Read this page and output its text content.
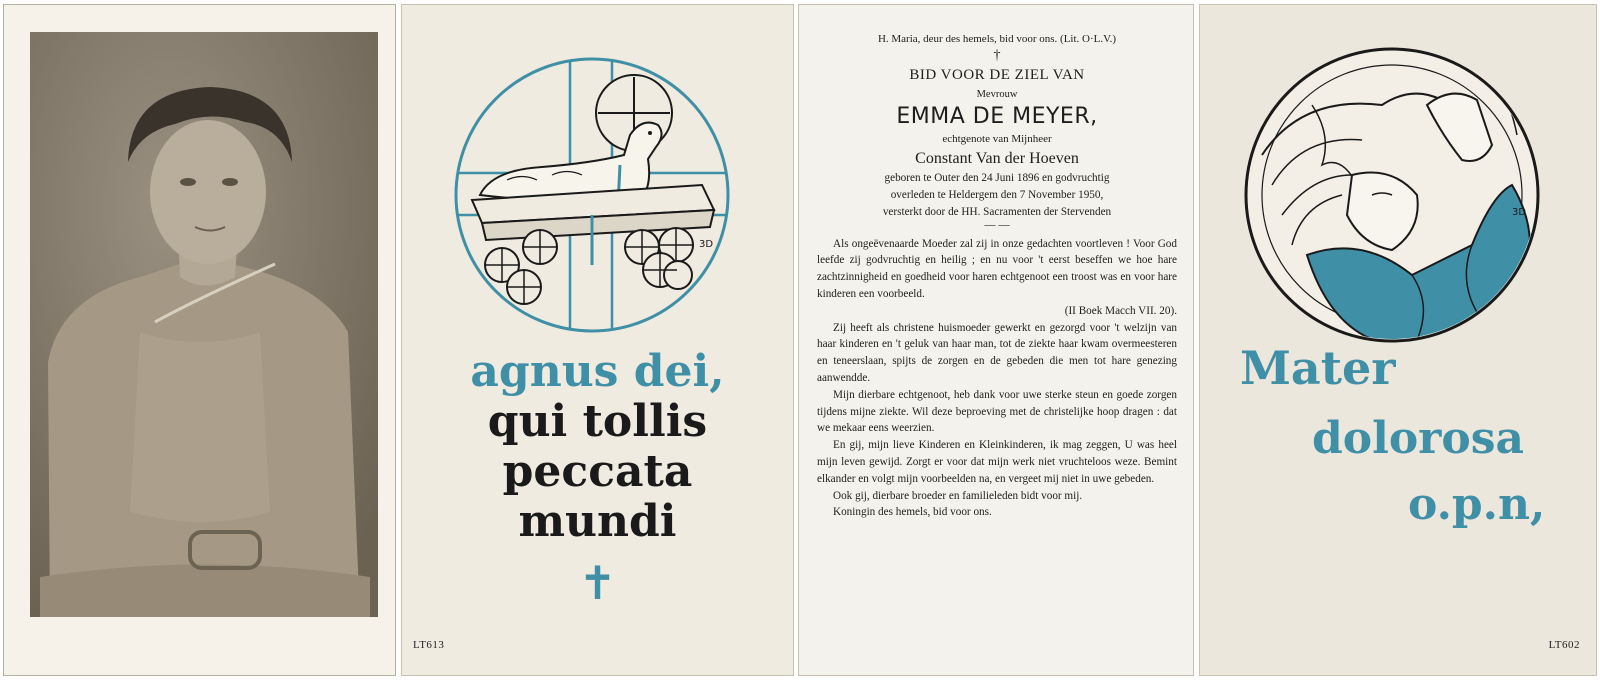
3D
agnus dei,
qui tollis
peccata
mundi
✝
LT613
H. Maria, deur des hemels, bid voor ons. (Lit. O·L.V.)
†
BID VOOR DE ZIEL VAN
Mevrouw
EMMA DE MEYER,
echtgenote van Mijnheer
Constant Van der Hoeven
geboren te Outer den 24 Juni 1896 en godvruchtig
overleden te Heldergem den 7 November 1950,
versterkt door de HH. Sacramenten der Stervenden
— —

Als ongeëvenaarde Moeder zal zij in onze gedachten voortleven ! Voor God leefde zij godvruchtig en heilig ; en nu voor 't eerst beseffen we hoe hare zachtzinnigheid en goedheid voor haren echtgenoot een troost was en voor hare kinderen een voorbeeld.

(II Boek Macch VII. 20).

Zij heeft als christene huismoeder gewerkt en gezorgd voor 't welzijn van haar kinderen en 't geluk van haar man, tot de ziekte haar kwam overmeesteren en teneerslaan, spijts de zorgen en de gebeden die men tot hare genezing aanwendde.

Mijn dierbare echtgenoot, heb dank voor uwe sterke steun en goede zorgen tijdens mijne ziekte. Wil deze beproeving met de christelijke hoop dragen : dat we mekaar eens weerzien.

En gij, mijn lieve Kinderen en Kleinkinderen, ik mag zeggen, U was heel mijn leven gewijd. Zorgt er voor dat mijn werk niet vruchteloos weze. Bemint elkander en volgt mijn voorbeelden na, en vergeet mij niet in uwe gebeden.

Ook gij, dierbare broeder en familieleden bidt voor mij.

Koningin des hemels, bid voor ons.

3D
Mater
dolorosa
o.p.n,
LT602
